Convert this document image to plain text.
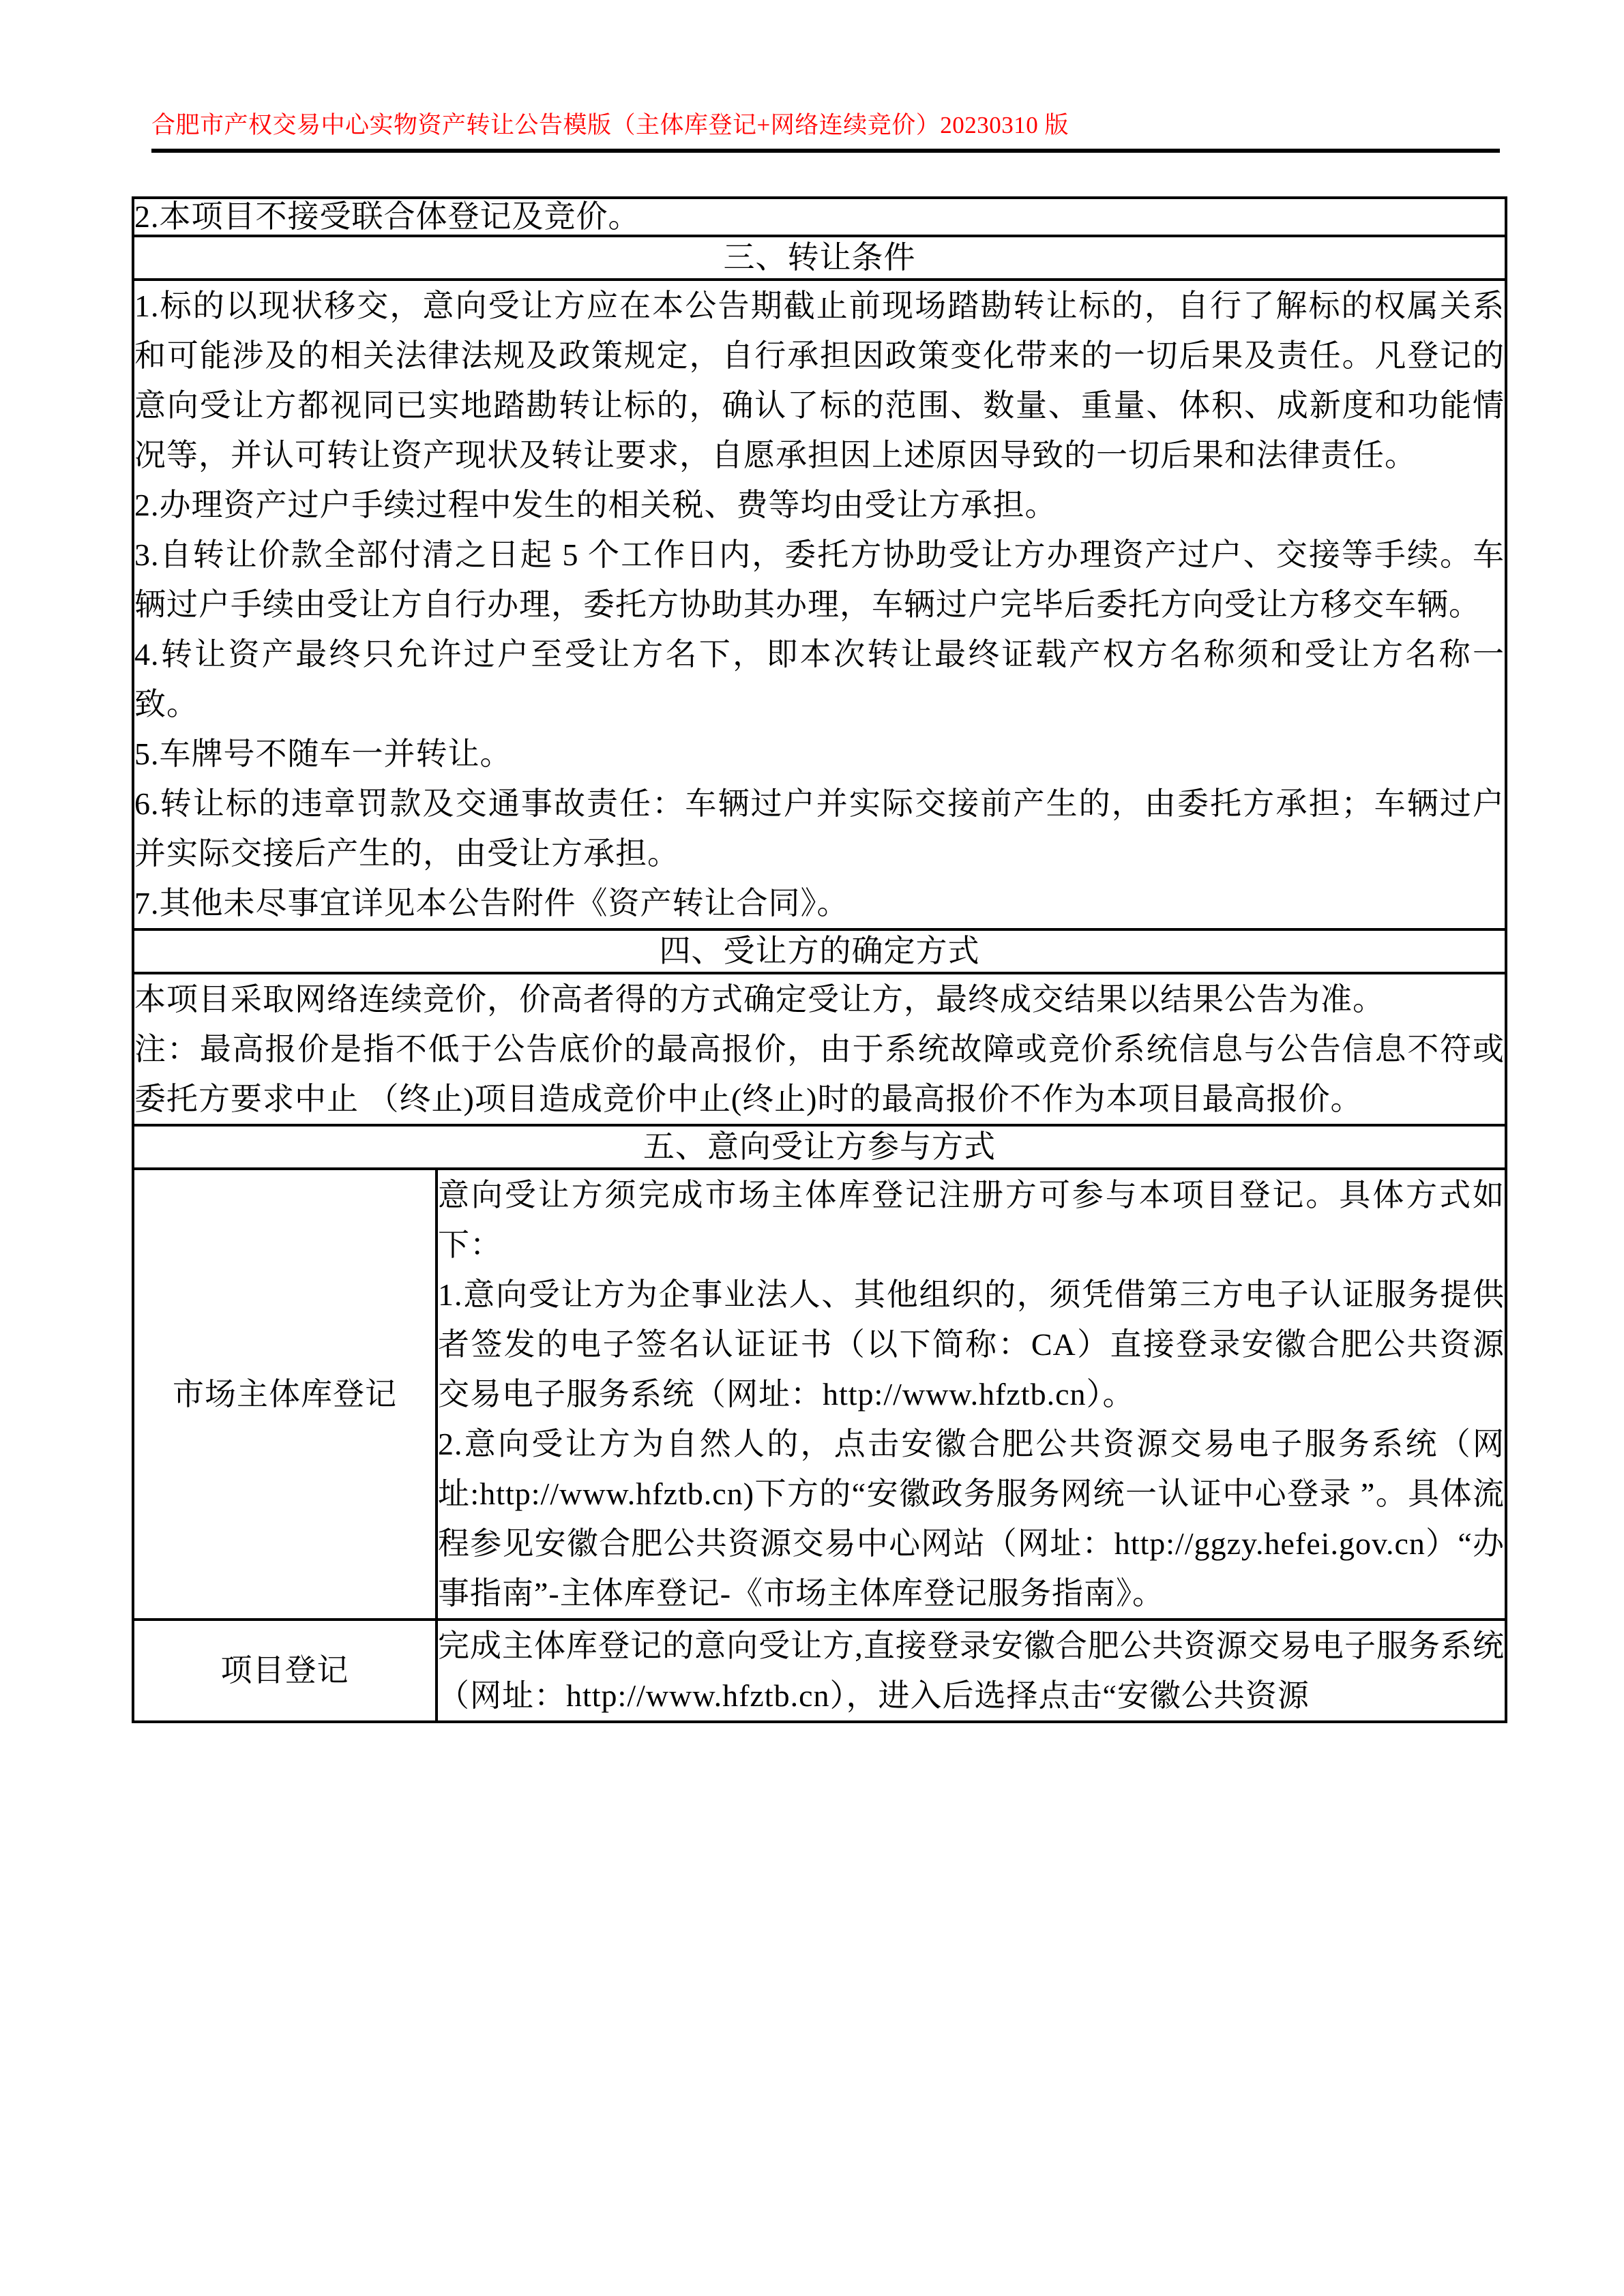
合肥市产权交易中心实物资产转让公告模版（主体库登记+网络连续竞价）20230310 版
2.本项目不接受联合体登记及竞价。	
三、转让条件	

1.标的以现状移交，意向受让方应在本公告期截止前现场踏勘转让标的，自行了解标的权属关系和可能涉及的相关法律法规及政策规定，自行承担因政策变化带来的一切后果及责任。凡登记的意向受让方都视同已实地踏勘转让标的，确认了标的范围、数量、重量、体积、成新度和功能情况等，并认可转让资产现状及转让要求，自愿承担因上述原因导致的一切后果和法律责任。

2.办理资产过户手续过程中发生的相关税、费等均由受让方承担。

3.自转让价款全部付清之日起 5 个工作日内，委托方协助受让方办理资产过户、交接等手续。车辆过户手续由受让方自行办理，委托方协助其办理，车辆过户完毕后委托方向受让方移交车辆。

4.转让资产最终只允许过户至受让方名下，即本次转让最终证载产权方名称须和受让方名称一致。

5.车牌号不随车一并转让。

6.转让标的违章罚款及交通事故责任：车辆过户并实际交接前产生的，由委托方承担；车辆过户并实际交接后产生的，由受让方承担。

7.其他未尽事宜详见本公告附件《资产转让合同》。

四、受让方的确定方式	

本项目采取网络连续竞价，价高者得的方式确定受让方，最终成交结果以结果公告为准。

注：最高报价是指不低于公告底价的最高报价，由于系统故障或竞价系统信息与公告信息不符或委托方要求中止 （终止)项目造成竞价中止(终止)时的最高报价不作为本项目最高报价。	

五、意向受让方参与方式	
市场主体库登记	意向受让方须完成市场主体库登记注册方可参与本项目登记。具体方式如下：

1.意向受让方为企事业法人、其他组织的，须凭借第三方电子认证服务提供者签发的电子签名认证证书（以下简称：CA）直接登录安徽合肥公共资源交易电子服务系统（网址：http://www.hfztb.cn）。

2.意向受让方为自然人的，点击安徽合肥公共资源交易电子服务系统（网址:http://www.hfztb.cn)下方的“安徽政务服务网统一认证中心登录 ”。具体流程参见安徽合肥公共资源交易中心网站（网址：http://ggzy.hefei.gov.cn）“办事指南”-主体库登记-《市场主体库登记服务指南》。

项目登记	完成主体库登记的意向受让方,直接登录安徽合肥公共资源交易电子服务系统（网址：http://www.hfztb.cn），进入后选择点击“安徽公共资源
